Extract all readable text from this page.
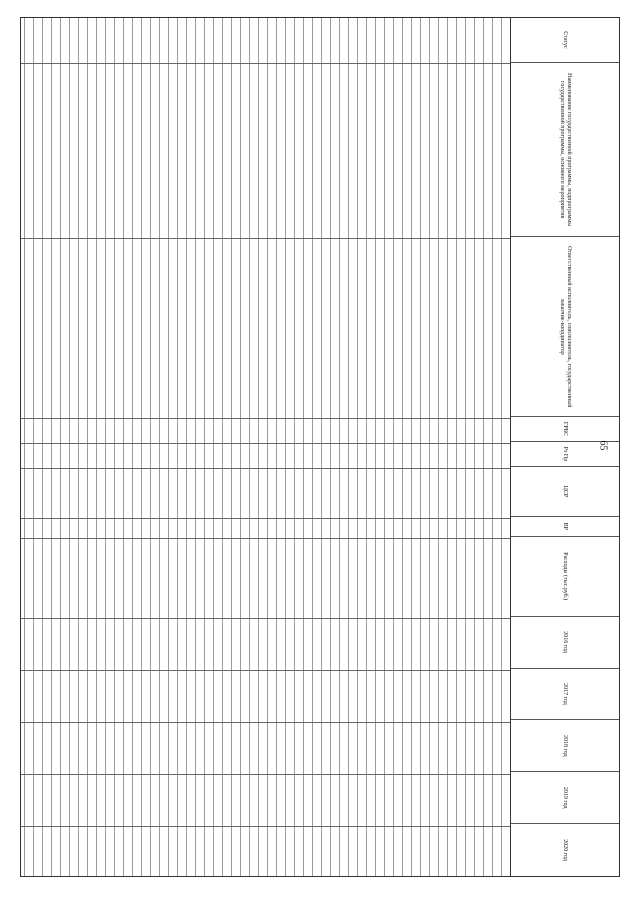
Статус
Наименование государственной программы, подпрограммы государственной программы, основного мероприятия
Ответственный исполнитель, соисполнитель, государственный заказчик-координатор
ГРБС
Рз Пр
ЦСР
ВР
Расходы (тыс.руб.)
2016 год
2017 год
2018 год
2019 год
2020 год
65
